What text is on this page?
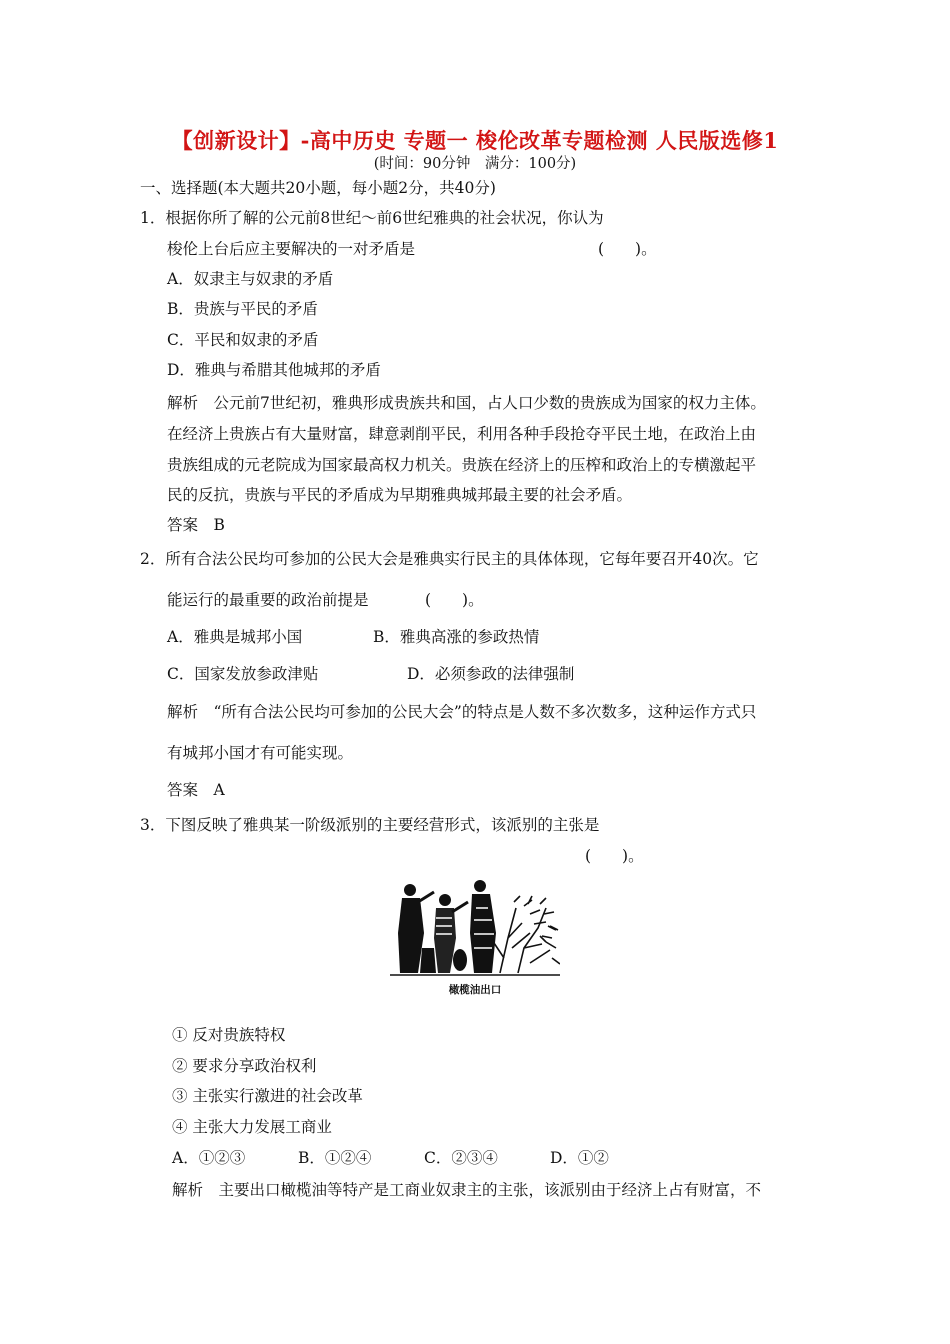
【创新设计】-高中历史 专题一 梭伦改革专题检测 人民版选修1
(时间：90分钟　满分：100分)
一、选择题(本大题共20小题，每小题2分，共40分)
1．根据你所了解的公元前8世纪～前6世纪雅典的社会状况，你认为
梭伦上台后应主要解决的一对矛盾是	(　　)。
A．奴隶主与奴隶的矛盾
B．贵族与平民的矛盾
C．平民和奴隶的矛盾
D．雅典与希腊其他城邦的矛盾
解析　公元前7世纪初，雅典形成贵族共和国，占人口少数的贵族成为国家的权力主体。
在经济上贵族占有大量财富，肆意剥削平民，利用各种手段抢夺平民土地，在政治上由
贵族组成的元老院成为国家最高权力机关。贵族在经济上的压榨和政治上的专横激起平
民的反抗，贵族与平民的矛盾成为早期雅典城邦最主要的社会矛盾。
答案　B
2．所有合法公民均可参加的公民大会是雅典实行民主的具体体现，它每年要召开40次。它
能运行的最重要的政治前提是	(　　)。
A．雅典是城邦小国	B．雅典高涨的参政热情
C．国家发放参政津贴	D．必须参政的法律强制
解析　“所有合法公民均可参加的公民大会”的特点是人数不多次数多，这种运作方式只
有城邦小国才有可能实现。
答案　A
3．下图反映了雅典某一阶级派别的主要经营形式，该派别的主张是
(　　)。
橄榄油出口
① 反对贵族特权
② 要求分享政治权利
③ 主张实行激进的社会改革
④ 主张大力发展工商业
A．①②③	B．①②④	C．②③④	D．①②
解析　主要出口橄榄油等特产是工商业奴隶主的主张，该派别由于经济上占有财富，不
